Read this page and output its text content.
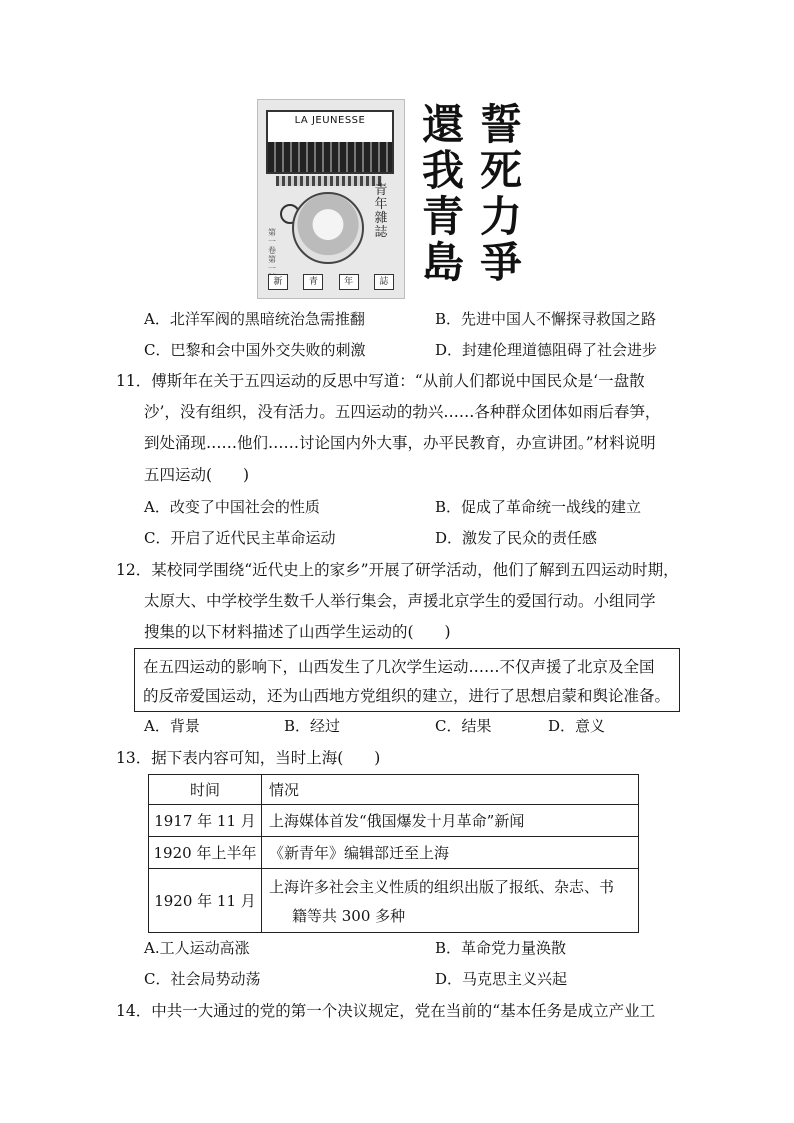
LA JEUNESSE
第一卷 第一
青年雜誌
新	青	年	誌
誓死力爭
還我青島
A．北洋军阀的黑暗统治急需推翻	B．先进中国人不懈探寻救国之路
C．巴黎和会中国外交失败的刺激	D．封建伦理道德阻碍了社会进步
11．傅斯年在关于五四运动的反思中写道：“从前人们都说中国民众是‘一盘散
沙’，没有组织，没有活力。五四运动的勃兴……各种群众团体如雨后春笋，
到处涌现……他们……讨论国内外大事，办平民教育，办宣讲团。”材料说明
五四运动(　　)
A．改变了中国社会的性质	B．促成了革命统一战线的建立
C．开启了近代民主革命运动	D．激发了民众的责任感
12．某校同学围绕“近代史上的家乡”开展了研学活动，他们了解到五四运动时期，
太原大、中学校学生数千人举行集会，声援北京学生的爱国行动。小组同学
搜集的以下材料描述了山西学生运动的(　　)
在五四运动的影响下，山西发生了几次学生运动……不仅声援了北京及全国
的反帝爱国运动，还为山西地方党组织的建立，进行了思想启蒙和舆论准备。
A．背景	B．经过	C．结果	D．意义
13．据下表内容可知，当时上海(　　)
时间	情况
1917 年 11 月	上海媒体首发“俄国爆发十月革命”新闻
1920 年上半年	《新青年》编辑部迁至上海
1920 年 11 月	上海许多社会主义性质的组织出版了报纸、杂志、书
籍等共 300 多种
A.工人运动高涨	B．革命党力量涣散
C．社会局势动荡	D．马克思主义兴起
14．中共一大通过的党的第一个决议规定，党在当前的“基本任务是成立产业工
